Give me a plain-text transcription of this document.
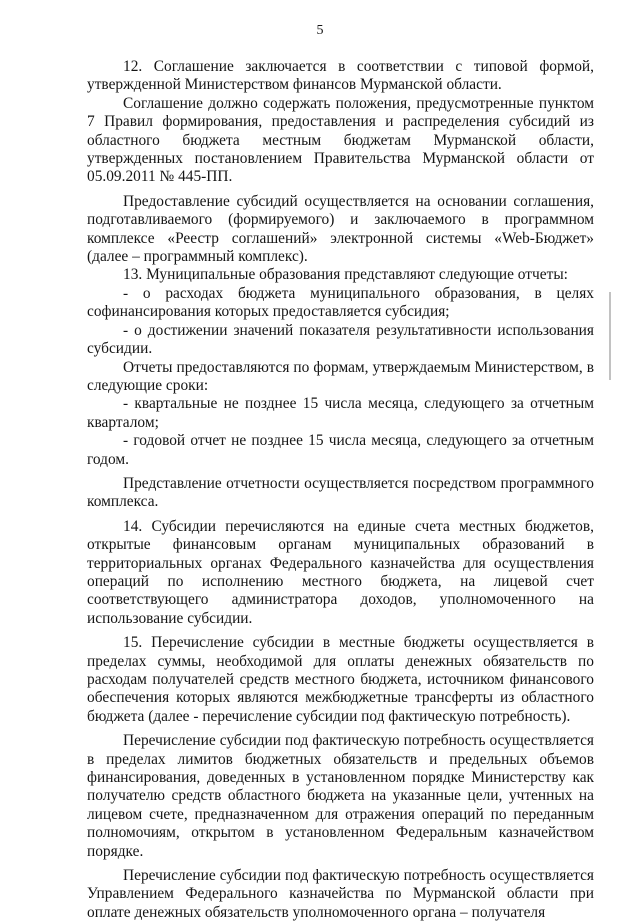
5

12. Соглашение заключается в соответствии с типовой формой, утвержденной Министерством финансов Мурманской области.

Соглашение должно содержать положения, предусмотренные пунктом 7 Правил формирования, предоставления и распределения субсидий из областного бюджета местным бюджетам Мурманской области, утвержденных постановлением Правительства Мурманской области от 05.09.2011 № 445-ПП.

Предоставление субсидий осуществляется на основании соглашения, подготавливаемого (формируемого) и заключаемого в программном комплексе «Реестр соглашений» электронной системы «Web-Бюджет» (далее – программный комплекс).

13. Муниципальные образования представляют следующие отчеты:

- о расходах бюджета муниципального образования, в целях софинансирования которых предоставляется субсидия;

- о достижении значений показателя результативности использования субсидии.

Отчеты предоставляются по формам, утверждаемым Министерством, в следующие сроки:

- квартальные не позднее 15 числа месяца, следующего за отчетным кварталом;

- годовой отчет не позднее 15 числа месяца, следующего за отчетным годом.

Представление отчетности осуществляется посредством программного комплекса.

14. Субсидии перечисляются на единые счета местных бюджетов, открытые финансовым органам муниципальных образований в территориальных органах Федерального казначейства для осуществления операций по исполнению местного бюджета, на лицевой счет соответствующего администратора доходов, уполномоченного на использование субсидии.

15. Перечисление субсидии в местные бюджеты осуществляется в пределах суммы, необходимой для оплаты денежных обязательств по расходам получателей средств местного бюджета, источником финансового обеспечения которых являются межбюджетные трансферты из областного бюджета (далее - перечисление субсидии под фактическую потребность).

Перечисление субсидии под фактическую потребность осуществляется в пределах лимитов бюджетных обязательств и предельных объемов финансирования, доведенных в установленном порядке Министерству как получателю средств областного бюджета на указанные цели, учтенных на лицевом счете, предназначенном для отражения операций по переданным полномочиям, открытом в установленном Федеральным казначейством порядке.

Перечисление субсидии под фактическую потребность осуществляется Управлением Федерального казначейства по Мурманской области при оплате денежных обязательств уполномоченного органа – получателя
